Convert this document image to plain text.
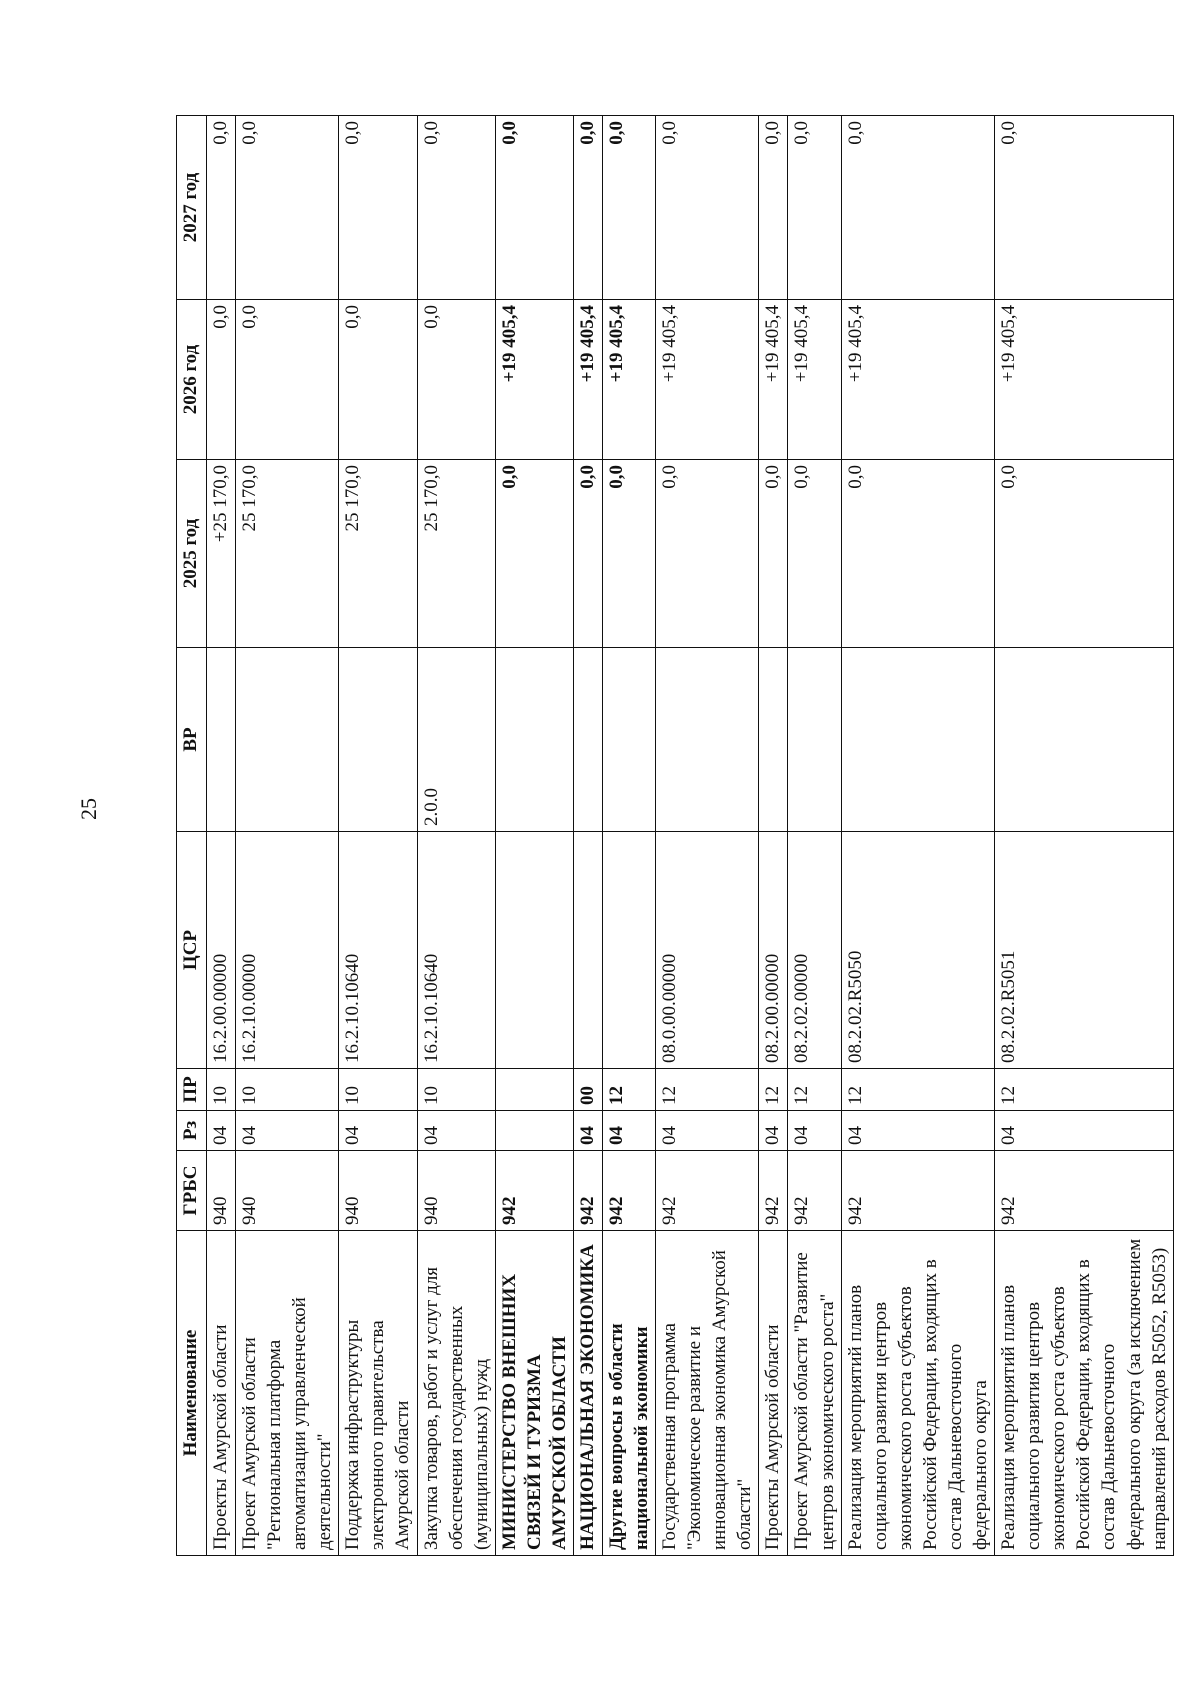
25
Наименование	ГРБС	Рз	ПР	ЦСР	ВР	2025 год	2026 год	2027 год
Проекты Амурской области	940	04	10	16.2.00.00000		+25 170,0	0,0	0,0
Проект Амурской области "Региональная платформа автоматизации управленческой деятельности"	940	04	10	16.2.10.00000		25 170,0	0,0	0,0
Поддержка инфраструктуры электронного правительства Амурской области	940	04	10	16.2.10.10640		25 170,0	0,0	0,0
Закупка товаров, работ и услуг для обеспечения государственных (муниципальных) нужд	940	04	10	16.2.10.10640	2.0.0	25 170,0	0,0	0,0
МИНИСТЕРСТВО ВНЕШНИХ СВЯЗЕЙ И ТУРИЗМА АМУРСКОЙ ОБЛАСТИ	942					0,0	+19 405,4	0,0
НАЦИОНАЛЬНАЯ ЭКОНОМИКА	942	04	00			0,0	+19 405,4	0,0
Другие вопросы в области национальной экономики	942	04	12			0,0	+19 405,4	0,0
Государственная программа "Экономическое развитие и инновационная экономика Амурской области"	942	04	12	08.0.00.00000		0,0	+19 405,4	0,0
Проекты Амурской области	942	04	12	08.2.00.00000		0,0	+19 405,4	0,0
Проект Амурской области "Развитие центров экономического роста"	942	04	12	08.2.02.00000		0,0	+19 405,4	0,0
Реализация мероприятий планов социального развития центров экономического роста субъектов Российской Федерации, входящих в состав Дальневосточного федерального округа	942	04	12	08.2.02.R5050		0,0	+19 405,4	0,0
Реализация мероприятий планов социального развития центров экономического роста субъектов Российской Федерации, входящих в состав Дальневосточного федерального округа (за исключением направлений расходов R5052, R5053)	942	04	12	08.2.02.R5051		0,0	+19 405,4	0,0
